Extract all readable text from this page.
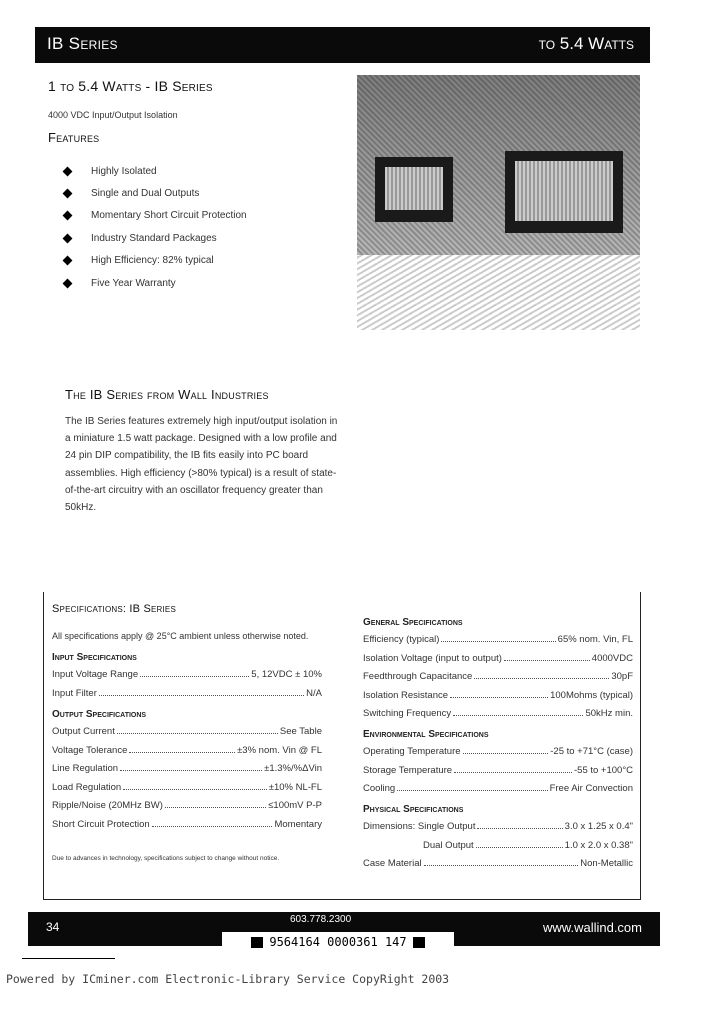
IB Series	to 5.4 Watts
1 to 5.4 Watts - IB Series
4000 VDC Input/Output Isolation
Features
Highly Isolated
Single and Dual Outputs
Momentary Short Circuit Protection
Industry Standard Packages
High Efficiency: 82% typical
Five Year Warranty
The IB Series from Wall Industries
The IB Series features extremely high input/output isolation in a miniature 1.5 watt package. Designed with a low profile and 24 pin DIP compatibility, the IB fits easily into PC board assemblies. High efficiency (>80% typical) is a result of state-of-the-art circuitry with an oscillator frequency greater than 50kHz.
Specifications: IB Series
All specifications apply @ 25°C ambient unless otherwise noted.
Input Specifications
Input Voltage Range	5, 12VDC ± 10%
Input Filter	N/A
Output Specifications
Output Current	See Table
Voltage Tolerance	±3% nom. Vin @ FL
Line Regulation	±1.3%/%ΔVin
Load Regulation	±10% NL-FL
Ripple/Noise (20MHz BW)	≤100mV P-P
Short Circuit Protection	Momentary
General Specifications
Efficiency (typical)	65% nom. Vin, FL
Isolation Voltage (input to output)	4000VDC
Feedthrough Capacitance	30pF
Isolation Resistance	100Mohms (typical)
Switching Frequency	50kHz min.
Environmental Specifications
Operating Temperature	-25 to +71°C (case)
Storage Temperature	-55 to +100°C
Cooling	Free Air Convection
Physical Specifications
Dimensions: Single Output	3.0 x 1.25 x 0.4"
Dual Output	1.0 x 2.0 x 0.38"
Case Material	Non-Metallic
Due to advances in technology, specifications subject to change without notice.
34
603.778.2300
www.wallind.com
9564164 0000361 147
Powered by ICminer.com Electronic-Library Service CopyRight 2003
